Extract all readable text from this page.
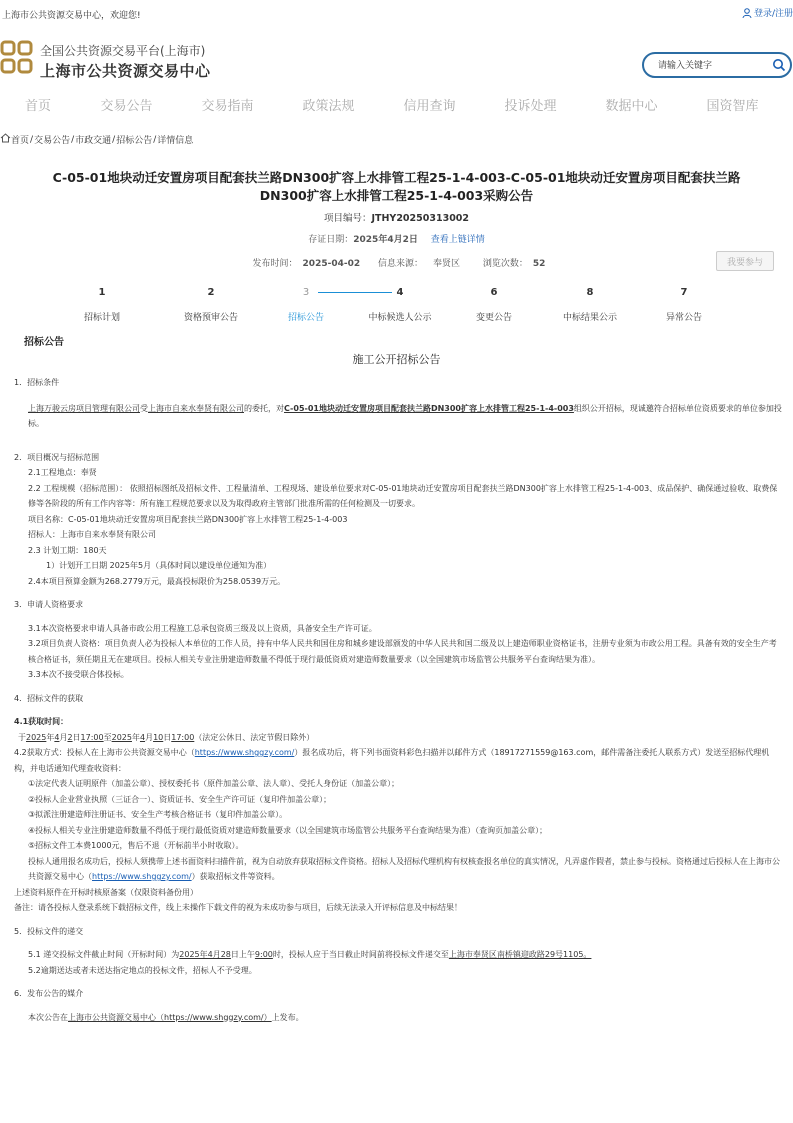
上海市公共资源交易中心，欢迎您!	登录/注册
全国公共资源交易平台(上海市)
上海市公共资源交易中心
请输入关键字
首页	交易公告	交易指南	政策法规	信用查询	投诉处理	数据中心	国资智库
首页 / 交易公告 / 市政交通 / 招标公告 / 详情信息
C-05-01地块动迁安置房项目配套扶兰路DN300扩容上水排管工程25-1-4-003-C-05-01地块动迁安置房项目配套扶兰路DN300扩容上水排管工程25-1-4-003采购公告
项目编号：JTHY20250313002
存证日期：2025年4月2日 查看上链详情
发布时间： 2025-04-02 信息来源： 奉贤区	浏览次数： 52	我要参与
1
招标计划
2
资格预审公告
3
招标公告
4
中标候选人公示
6
变更公告
8
中标结果公示
7
异常公告
招标公告
施工公开招标公告

1．招标条件

上海万骏云房项目管理有限公司受上海市自来水奉贤有限公司的委托，对C-05-01地块动迁安置房项目配套扶兰路DN300扩容上水排管工程25-1-4-003组织公开招标，现诚邀符合招标单位资质要求的单位参加投标。

2．项目概况与招标范围

2.1工程地点：奉贤

2.2 工程规模（招标范围）： 依照招标图纸及招标文件、工程量清单、工程现场、建设单位要求对C-05-01地块动迁安置房项目配套扶兰路DN300扩容上水排管工程25-1-4-003、成品保护、确保通过验收、取费保修等各阶段的所有工作内容等：所有施工程规范要求以及为取得政府主管部门批准所需的任何检测及一切要求。

项目名称：C-05-01地块动迁安置房项目配套扶兰路DN300扩容上水排管工程25-1-4-003

招标人：上海市自来水奉贤有限公司

2.3 计划工期：180天

1）计划开工日期 2025年5月（具体时间以建设单位通知为准）

2.4本项目预算金额为268.2779万元，最高投标限价为258.0539万元。

3．申请人资格要求

3.1本次资格要求申请人具备市政公用工程施工总承包资质三级及以上资质，具备安全生产许可证。

3.2项目负责人资格：项目负责人必为投标人本单位的工作人员，持有中华人民共和国住房和城乡建设部颁发的中华人民共和国二级及以上建造师职业资格证书，注册专业须为市政公用工程。具备有效的安全生产考核合格证书，须任期且无在建项目。投标人相关专业注册建造师数量不得低于现行最低资质对建造师数量要求（以全国建筑市场监管公共服务平台查询结果为准）。

3.3本次不接受联合体投标。

4．招标文件的获取

4.1获取时间：

于2025年4月2日17:00至2025年4月10日17:00（法定公休日、法定节假日除外）

4.2获取方式：投标人在上海市公共资源交易中心（https://www.shggzy.com/）报名成功后，将下列书面资料彩色扫描并以邮件方式（18917271559@163.com，邮件需备注委托人联系方式）发送至招标代理机构，并电话通知代理查收资料：

①法定代表人证明原件（加盖公章）、授权委托书（原件加盖公章、法人章）、受托人身份证（加盖公章）；

②投标人企业营业执照（三证合一）、资质证书、安全生产许可证（复印件加盖公章）；

③拟派注册建造师注册证书、安全生产考核合格证书（复印件加盖公章）。

④投标人相关专业注册建造师数量不得低于现行最低资质对建造师数量要求（以全国建筑市场监管公共服务平台查询结果为准）（查询页加盖公章）；

⑤招标文件工本费1000元，售后不退（开标前半小时收取）。

投标人通用报名成功后，投标人须携带上述书面资料扫描件前，视为自动放弃获取招标文件资格。招标人及招标代理机构有权核查报名单位的真实情况，凡弄虚作假者，禁止参与投标。资格通过后投标人在上海市公共资源交易中心（https://www.shggzy.com/）获取招标文件等资料。

上述资料原件在开标时核原备案（仅限资料备份用）

备注：请各投标人登录系统下载招标文件，线上未操作下载文件的视为未成功参与项目，后续无法录入开评标信息及中标结果！

5．投标文件的递交

5.1 递交投标文件截止时间（开标时间）为2025年4月28日上午9:00时，投标人应于当日截止时间前将投标文件递交至上海市奉贤区南桥镇迎政路29号1105。

5.2逾期送达或者未送达指定地点的投标文件，招标人不予受理。

6．发布公告的媒介

本次公告在上海市公共资源交易中心（https://www.shggzy.com/）上发布。
